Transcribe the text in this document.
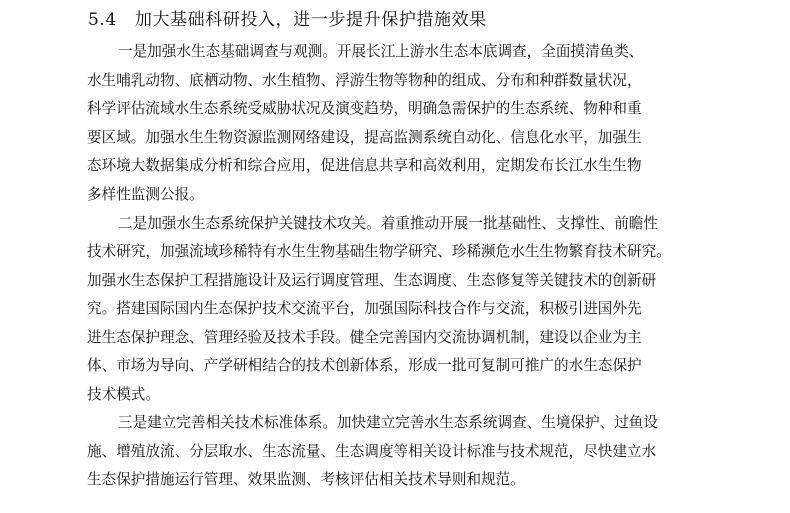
5.4 加大基础科研投入，进一步提升保护措施效果
一是加强水生态基础调查与观测。开展长江上游水生态本底调查，全面摸清鱼类、
水生哺乳动物、底栖动物、水生植物、浮游生物等物种的组成、分布和种群数量状况，
科学评估流域水生态系统受威胁状况及演变趋势，明确急需保护的生态系统、物种和重
要区域。加强水生生物资源监测网络建设，提高监测系统自动化、信息化水平，加强生
态环境大数据集成分析和综合应用，促进信息共享和高效利用，定期发布长江水生生物
多样性监测公报。
二是加强水生态系统保护关键技术攻关。着重推动开展一批基础性、支撑性、前瞻性
技术研究，加强流域珍稀特有水生生物基础生物学研究、珍稀濒危水生生物繁育技术研究。
加强水生态保护工程措施设计及运行调度管理、生态调度、生态修复等关键技术的创新研
究。搭建国际国内生态保护技术交流平台，加强国际科技合作与交流，积极引进国外先
进生态保护理念、管理经验及技术手段。健全完善国内交流协调机制，建设以企业为主
体、市场为导向、产学研相结合的技术创新体系，形成一批可复制可推广的水生态保护
技术模式。
三是建立完善相关技术标准体系。加快建立完善水生态系统调查、生境保护、过鱼设
施、增殖放流、分层取水、生态流量、生态调度等相关设计标准与技术规范，尽快建立水
生态保护措施运行管理、效果监测、考核评估相关技术导则和规范。
